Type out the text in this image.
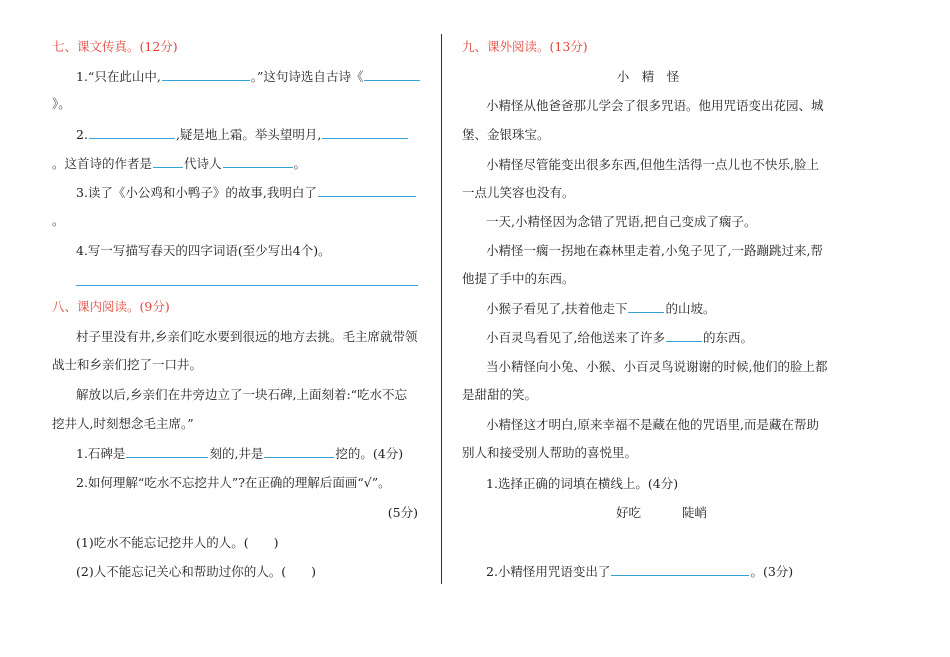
七、课文传真。(12分)
1.“只在此山中,	。”这句诗选自古诗《
》。
2.	,疑是地上霜。举头望明月,
。这首诗的作者是	代诗人	。
3.读了《小公鸡和小鸭子》的故事,我明白了
。
4.写一写描写春天的四字词语(至少写出4个)。
八、课内阅读。(9分)
村子里没有井,乡亲们吃水要到很远的地方去挑。毛主席就带领
战士和乡亲们挖了一口井。
解放以后,乡亲们在井旁边立了一块石碑,上面刻着:“吃水不忘
挖井人,时刻想念毛主席。”
1.石碑是	刻的,井是	挖的。(4分)
2.如何理解“吃水不忘挖井人”?在正确的理解后面画“√”。
(5分)
(1)吃水不能忘记挖井人的人。(　　)
(2)人不能忘记关心和帮助过你的人。(　　)
九、课外阅读。(13分)
小　精　怪
小精怪从他爸爸那儿学会了很多咒语。他用咒语变出花园、城
堡、金银珠宝。
小精怪尽管能变出很多东西,但他生活得一点儿也不快乐,脸上
一点儿笑容也没有。
一天,小精怪因为念错了咒语,把自己变成了瘸子。
小精怪一瘸一拐地在森林里走着,小兔子见了,一路蹦跳过来,帮
他提了手中的东西。
小猴子看见了,扶着他走下	的山坡。
小百灵鸟看见了,给他送来了许多	的东西。
当小精怪向小兔、小猴、小百灵鸟说谢谢的时候,他们的脸上都
是甜甜的笑。
小精怪这才明白,原来幸福不是藏在他的咒语里,而是藏在帮助
别人和接受别人帮助的喜悦里。
1.选择正确的词填在横线上。(4分)
好吃	陡峭
2.小精怪用咒语变出了	。(3分)
